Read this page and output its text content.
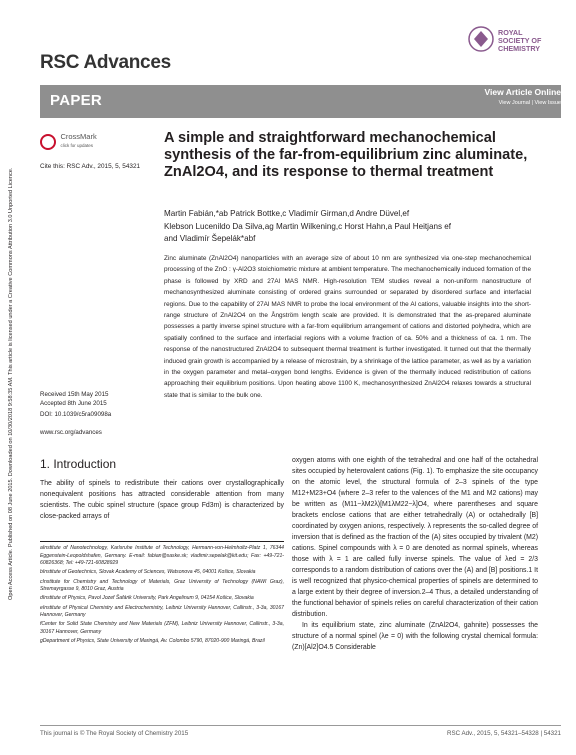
RSC Advances
ROYAL SOCIETY OF CHEMISTRY
PAPER	View Article Online
View Journal | View Issue
Open Access Article. Published on 08 June 2015. Downloaded on 10/30/2018 9:58:35 AM. This article is licensed under a Creative Commons Attribution 3.0 Unported Licence.
CrossMark
click for updates
Cite this: RSC Adv., 2015, 5, 54321
A simple and straightforward mechanochemical synthesis of the far-from-equilibrium zinc aluminate, ZnAl2O4, and its response to thermal treatment
Martin Fabián,*ab Patrick Bottke,c Vladimír Girman,d Andre Düvel,ef
Klebson Lucenildo Da Silva,ag Martin Wilkening,c Horst Hahn,a Paul Heitjans ef
and Vladimír Šepelák*abf
Zinc aluminate (ZnAl2O4) nanoparticles with an average size of about 10 nm are synthesized via one-step mechanochemical processing of the ZnO : γ-Al2O3 stoichiometric mixture at ambient temperature. The mechanochemically induced formation of the phase is followed by XRD and 27Al MAS NMR. High-resolution TEM studies reveal a non-uniform nanostructure of mechanosynthesized aluminate consisting of ordered grains surrounded or separated by disordered surface and interfacial regions. Due to the capability of 27Al MAS NMR to probe the local environment of the Al cations, valuable insights into the short-range structure of ZnAl2O4 on the Ångström length scale are provided. It is demonstrated that the as-prepared aluminate possesses a partly inverse spinel structure with a far-from equilibrium arrangement of cations and distorted polyhedra, which are spatially confined to the surface and interfacial regions with a volume fraction of ca. 50% and a thickness of ca. 1 nm. The response of the nanostructured ZnAl2O4 to subsequent thermal treatment is further investigated. It turned out that the thermally induced grain growth is accompanied by a release of microstrain, by a shrinkage of the lattice parameter, as well as by a variation in the oxygen parameter and metal–oxygen bond lengths. Evidence is given of the thermally induced redistribution of cations approaching their equilibrium positions. Upon heating above 1100 K, mechanosynthesized ZnAl2O4 relaxes towards a structural state that is similar to the bulk one.
Received 15th May 2015
Accepted 8th June 2015
DOI: 10.1039/c5ra09098a
www.rsc.org/advances
1. Introduction

The ability of spinels to redistribute their cations over crystallographically nonequivalent positions has attracted considerable attention from many scientists. The cubic spinel structure (space group Fd3m) is characterized by close-packed arrays of

aInstitute of Nanotechnology, Karlsruhe Institute of Technology, Hermann-von-Helmholtz-Platz 1, 76344 Eggenstein-Leopoldshafen, Germany. E-mail: fabian@saske.sk; vladimir.sepelak@kit.edu; Fax: +49-721-60826368; Tel: +49-721-60828929

bInstitute of Geotechnics, Slovak Academy of Sciences, Watsonova 45, 04001 Košice, Slovakia

cInstitute for Chemistry and Technology of Materials, Graz University of Technology (NAWI Graz), Stremayrgasse 9, 8010 Graz, Austria

dInstitute of Physics, Pavol Jozef Šafárik University, Park Angelinum 9, 04154 Košice, Slovakia

eInstitute of Physical Chemistry and Electrochemistry, Leibniz University Hannover, Callinstr., 3-3a, 30167 Hannover, Germany

fCenter for Solid State Chemistry and New Materials (ZFM), Leibniz University Hannover, Callinstr., 3-3a, 30167 Hannover, Germany

gDepartment of Physics, State University of Maringá, Av. Colombo 5790, 87020-900 Maringá, Brazil

oxygen atoms with one eighth of the tetrahedral and one half of the octahedral sites occupied by heterovalent cations (Fig. 1). To emphasize the site occupancy on the atomic level, the structural formula of 2–3 spinels of the type M12+M23+O4 (where 2–3 refer to the valences of the M1 and M2 cations) may be written as (M11−λM2λ)[M1λM22−λ]O4, where parentheses and square brackets enclose cations that are either tetrahedrally (A) or octahedrally [B] coordinated by oxygen anions, respectively. λ represents the so-called degree of inversion that is defined as the fraction of the (A) sites occupied by trivalent (M2) cations. Spinel compounds with λ = 0 are denoted as normal spinels, whereas those with λ = 1 are called fully inverse spinels. The value of λed = 2/3 corresponds to a random distribution of cations over the (A) and [B] positions.1 It is well recognized that physico-chemical properties of spinels are determined to a large extent by their degree of inversion.2–4 Thus, a detailed understanding of the functional behavior of spinels relies on careful characterization of their cation distribution.

In its equilibrium state, zinc aluminate (ZnAl2O4, gahnite) possesses the structure of a normal spinel (λe = 0) with the following crystal chemical formula: (Zn)[Al2]O4.5 Considerable

This journal is © The Royal Society of Chemistry 2015	RSC Adv., 2015, 5, 54321–54328 | 54321
